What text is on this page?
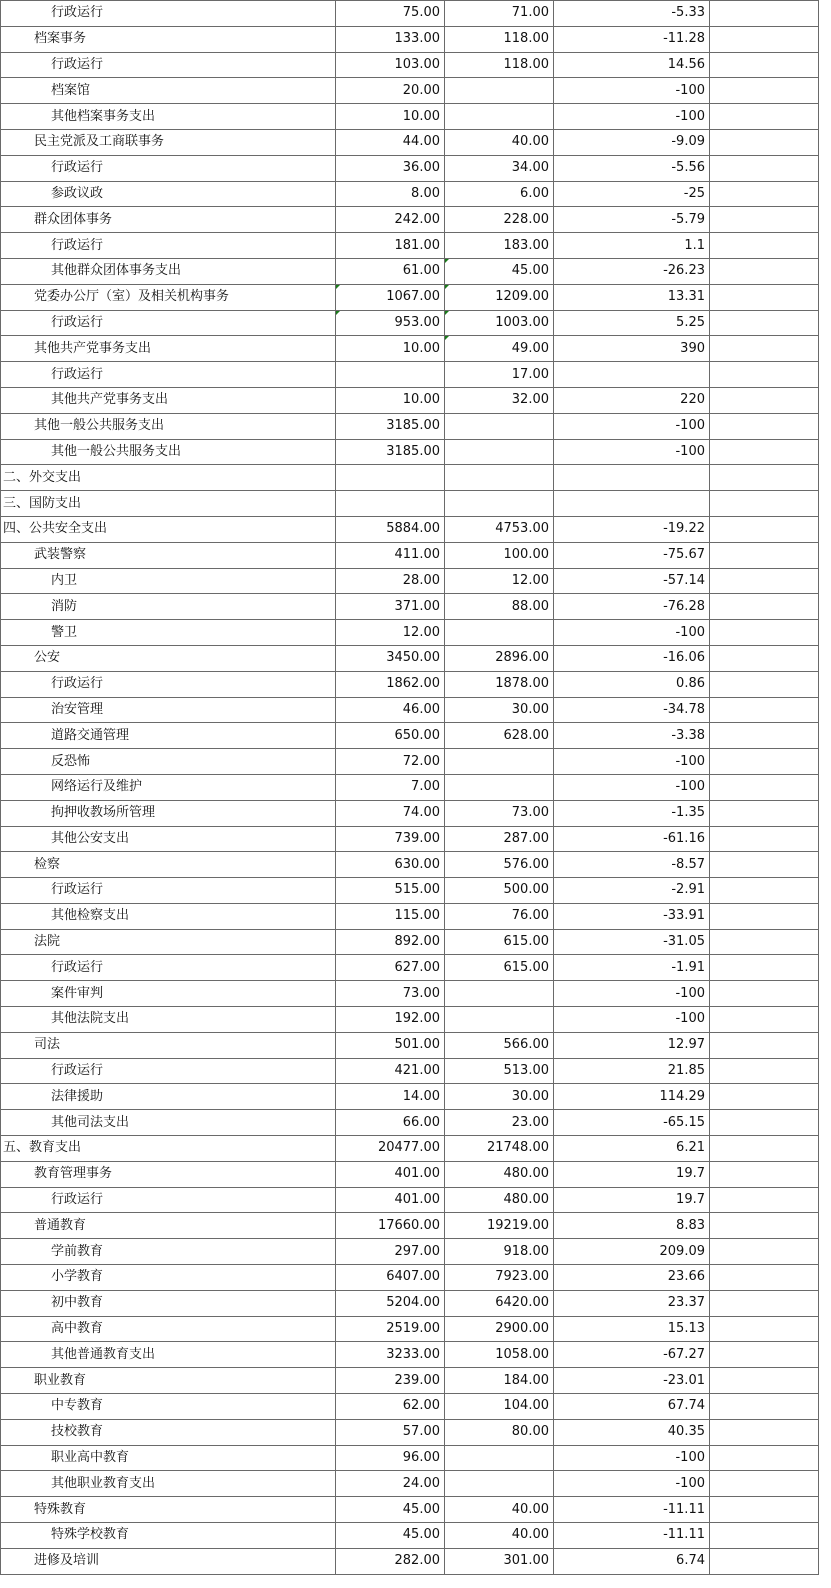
行政运行	75.00	71.00	-5.33	
档案事务	133.00	118.00	-11.28	
行政运行	103.00	118.00	14.56	
档案馆	20.00		-100	
其他档案事务支出	10.00		-100	
民主党派及工商联事务	44.00	40.00	-9.09	
行政运行	36.00	34.00	-5.56	
参政议政	8.00	6.00	-25	
群众团体事务	242.00	228.00	-5.79	
行政运行	181.00	183.00	1.1	
其他群众团体事务支出	61.00	45.00	-26.23	
党委办公厅（室）及相关机构事务	1067.00	1209.00	13.31	
行政运行	953.00	1003.00	5.25	
其他共产党事务支出	10.00	49.00	390	
行政运行		17.00		
其他共产党事务支出	10.00	32.00	220	
其他一般公共服务支出	3185.00		-100	
其他一般公共服务支出	3185.00		-100	
二、外交支出				
三、国防支出				
四、公共安全支出	5884.00	4753.00	-19.22	
武装警察	411.00	100.00	-75.67	
内卫	28.00	12.00	-57.14	
消防	371.00	88.00	-76.28	
警卫	12.00		-100	
公安	3450.00	2896.00	-16.06	
行政运行	1862.00	1878.00	0.86	
治安管理	46.00	30.00	-34.78	
道路交通管理	650.00	628.00	-3.38	
反恐怖	72.00		-100	
网络运行及维护	7.00		-100	
拘押收教场所管理	74.00	73.00	-1.35	
其他公安支出	739.00	287.00	-61.16	
检察	630.00	576.00	-8.57	
行政运行	515.00	500.00	-2.91	
其他检察支出	115.00	76.00	-33.91	
法院	892.00	615.00	-31.05	
行政运行	627.00	615.00	-1.91	
案件审判	73.00		-100	
其他法院支出	192.00		-100	
司法	501.00	566.00	12.97	
行政运行	421.00	513.00	21.85	
法律援助	14.00	30.00	114.29	
其他司法支出	66.00	23.00	-65.15	
五、教育支出	20477.00	21748.00	6.21	
教育管理事务	401.00	480.00	19.7	
行政运行	401.00	480.00	19.7	
普通教育	17660.00	19219.00	8.83	
学前教育	297.00	918.00	209.09	
小学教育	6407.00	7923.00	23.66	
初中教育	5204.00	6420.00	23.37	
高中教育	2519.00	2900.00	15.13	
其他普通教育支出	3233.00	1058.00	-67.27	
职业教育	239.00	184.00	-23.01	
中专教育	62.00	104.00	67.74	
技校教育	57.00	80.00	40.35	
职业高中教育	96.00		-100	
其他职业教育支出	24.00		-100	
特殊教育	45.00	40.00	-11.11	
特殊学校教育	45.00	40.00	-11.11	
进修及培训	282.00	301.00	6.74	
